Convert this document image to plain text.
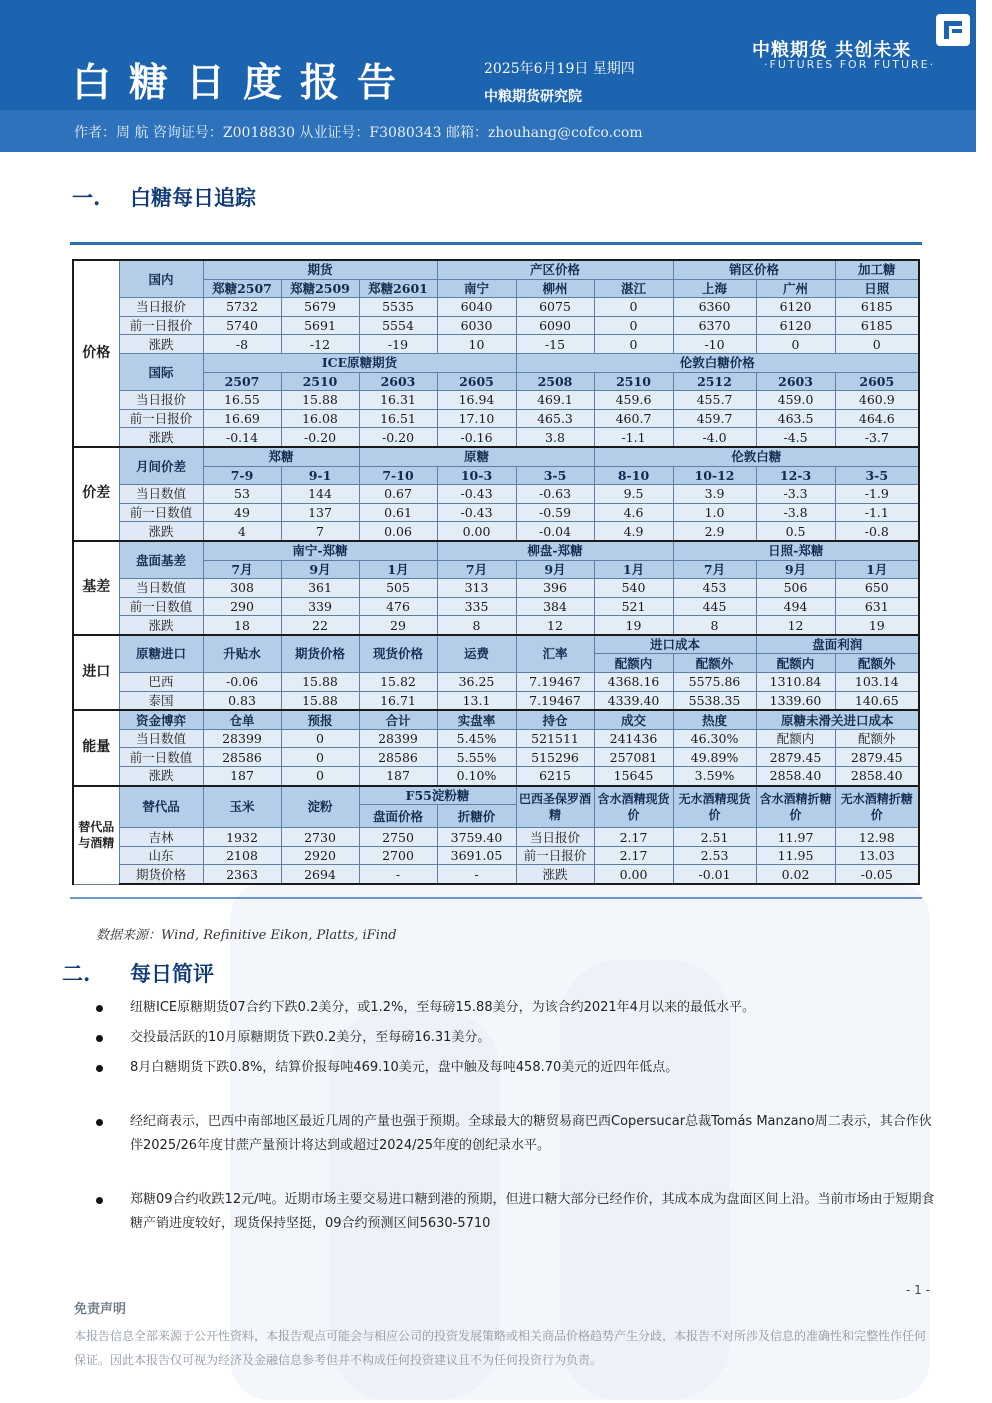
白糖日度报告	2025年6月19日 星期四
中粮期货研究院
中粮期货 共创未来
·FUTURES FOR FUTURE·
作者：周 航 咨询证号：Z0018830 从业证号：F3080343 邮箱：zhouhang@cofco.com
一. 白糖每日追踪
价格	国内	期货			产区价格			销区价格		加工糖
		郑糖2507	郑糖2509	郑糖2601	南宁	柳州	湛江	上海	广州	日照
	当日报价	5732	5679	5535	6040	6075	0	6360	6120	6185
	前一日报价	5740	5691	5554	6030	6090	0	6370	6120	6185
	涨跌	-8	-12	-19	10	-15	0	-10	0	0
	国际	ICE原糖期货				伦敦白糖价格				
		2507	2510	2603	2605	2508	2510	2512	2603	2605
	当日报价	16.55	15.88	16.31	16.94	469.1	459.6	455.7	459.0	460.9
	前一日报价	16.69	16.08	16.51	17.10	465.3	460.7	459.7	463.5	464.6
	涨跌	-0.14	-0.20	-0.20	-0.16	3.8	-1.1	-4.0	-4.5	-3.7
价差	月间价差	郑糖		原糖			伦敦白糖			
		7-9	9-1	7-10	10-3	3-5	8-10	10-12	12-3	3-5
	当日数值	53	144	0.67	-0.43	-0.63	9.5	3.9	-3.3	-1.9
	前一日数值	49	137	0.61	-0.43	-0.59	4.6	1.0	-3.8	-1.1
	涨跌	4	7	0.06	0.00	-0.04	4.9	2.9	0.5	-0.8
基差	盘面基差	南宁-郑糖			柳盘-郑糖			日照-郑糖		
		7月	9月	1月	7月	9月	1月	7月	9月	1月
	当日数值	308	361	505	313	396	540	453	506	650
	前一日数值	290	339	476	335	384	521	445	494	631
	涨跌	18	22	29	8	12	19	8	12	19
进口	原糖进口	升贴水	期货价格	现货价格	运费	汇率	进口成本		盘面利润	
							配额内	配额外	配额内	配额外
	巴西	-0.06	15.88	15.82	36.25	7.19467	4368.16	5575.86	1310.84	103.14
	泰国	0.83	15.88	16.71	13.1	7.19467	4339.40	5538.35	1339.60	140.65
能量	资金博弈	仓单	预报	合计	实盘率	持仓	成交	热度	原糖未滑关进口成本	
	当日数值	28399	0	28399	5.45%	521511	241436	46.30%	配额内	配额外
	前一日数值	28586	0	28586	5.55%	515296	257081	49.89%	2879.45	2879.45
	涨跌	187	0	187	0.10%	6215	15645	3.59%	2858.40	2858.40
替代品与酒精	替代品	玉米	淀粉	F55淀粉糖		巴西圣保罗酒精	含水酒精现货价	无水酒精现货价	含水酒精折糖价	无水酒精折糖价
				盘面价格	折糖价					
	吉林	1932	2730	2750	3759.40	当日报价	2.17	2.51	11.97	12.98
	山东	2108	2920	2700	3691.05	前一日报价	2.17	2.53	11.95	13.03
	期货价格	2363	2694	-	-	涨跌	0.00	-0.01	0.02	-0.05
数据来源：Wind, Refinitive Eikon, Platts, iFind
二. 每日简评
纽糖ICE原糖期货07合约下跌0.2美分，或1.2%，至每磅15.88美分，为该合约2021年4月以来的最低水平。
交投最活跃的10月原糖期货下跌0.2美分，至每磅16.31美分。
8月白糖期货下跌0.8%，结算价报每吨469.10美元，盘中触及每吨458.70美元的近四年低点。
经纪商表示，巴西中南部地区最近几周的产量也强于预期。全球最大的糖贸易商巴西Copersucar总裁Tomás Manzano周二表示，其合作伙伴2025/26年度甘蔗产量预计将达到或超过2024/25年度的创纪录水平。
郑糖09合约收跌12元/吨。近期市场主要交易进口糖到港的预期，但进口糖大部分已经作价，其成本成为盘面区间上沿。当前市场由于短期食糖产销进度较好，现货保持坚挺，09合约预测区间5630-5710
- 1 -
免责声明
本报告信息全部来源于公开性资料，本报告观点可能会与相应公司的投资发展策略或相关商品价格趋势产生分歧，本报告不对所涉及信息的准确性和完整性作任何保证。因此本报告仅可视为经济及金融信息参考但并不构成任何投资建议且不为任何投资行为负责。
